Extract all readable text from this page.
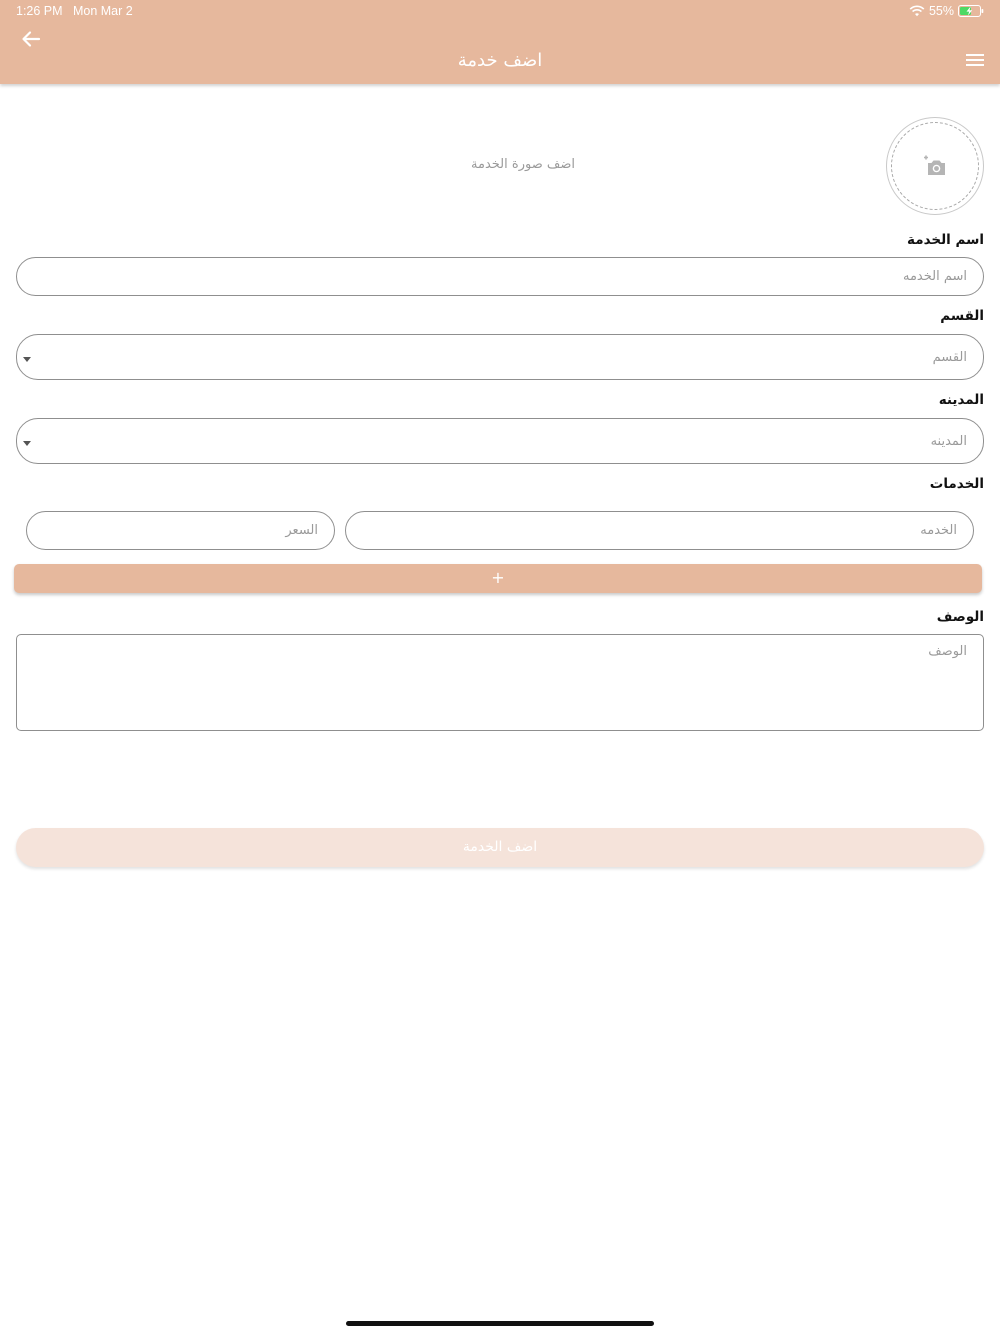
1:26 PM Mon Mar 2	55%
اضف خدمة
اضف صورة الخدمة
اسم الخدمة
اسم الخدمه
القسم
القسم
المدينه
المدينه
الخدمات
الخدمه
السعر
+
الوصف
الوصف
اضف الخدمة
